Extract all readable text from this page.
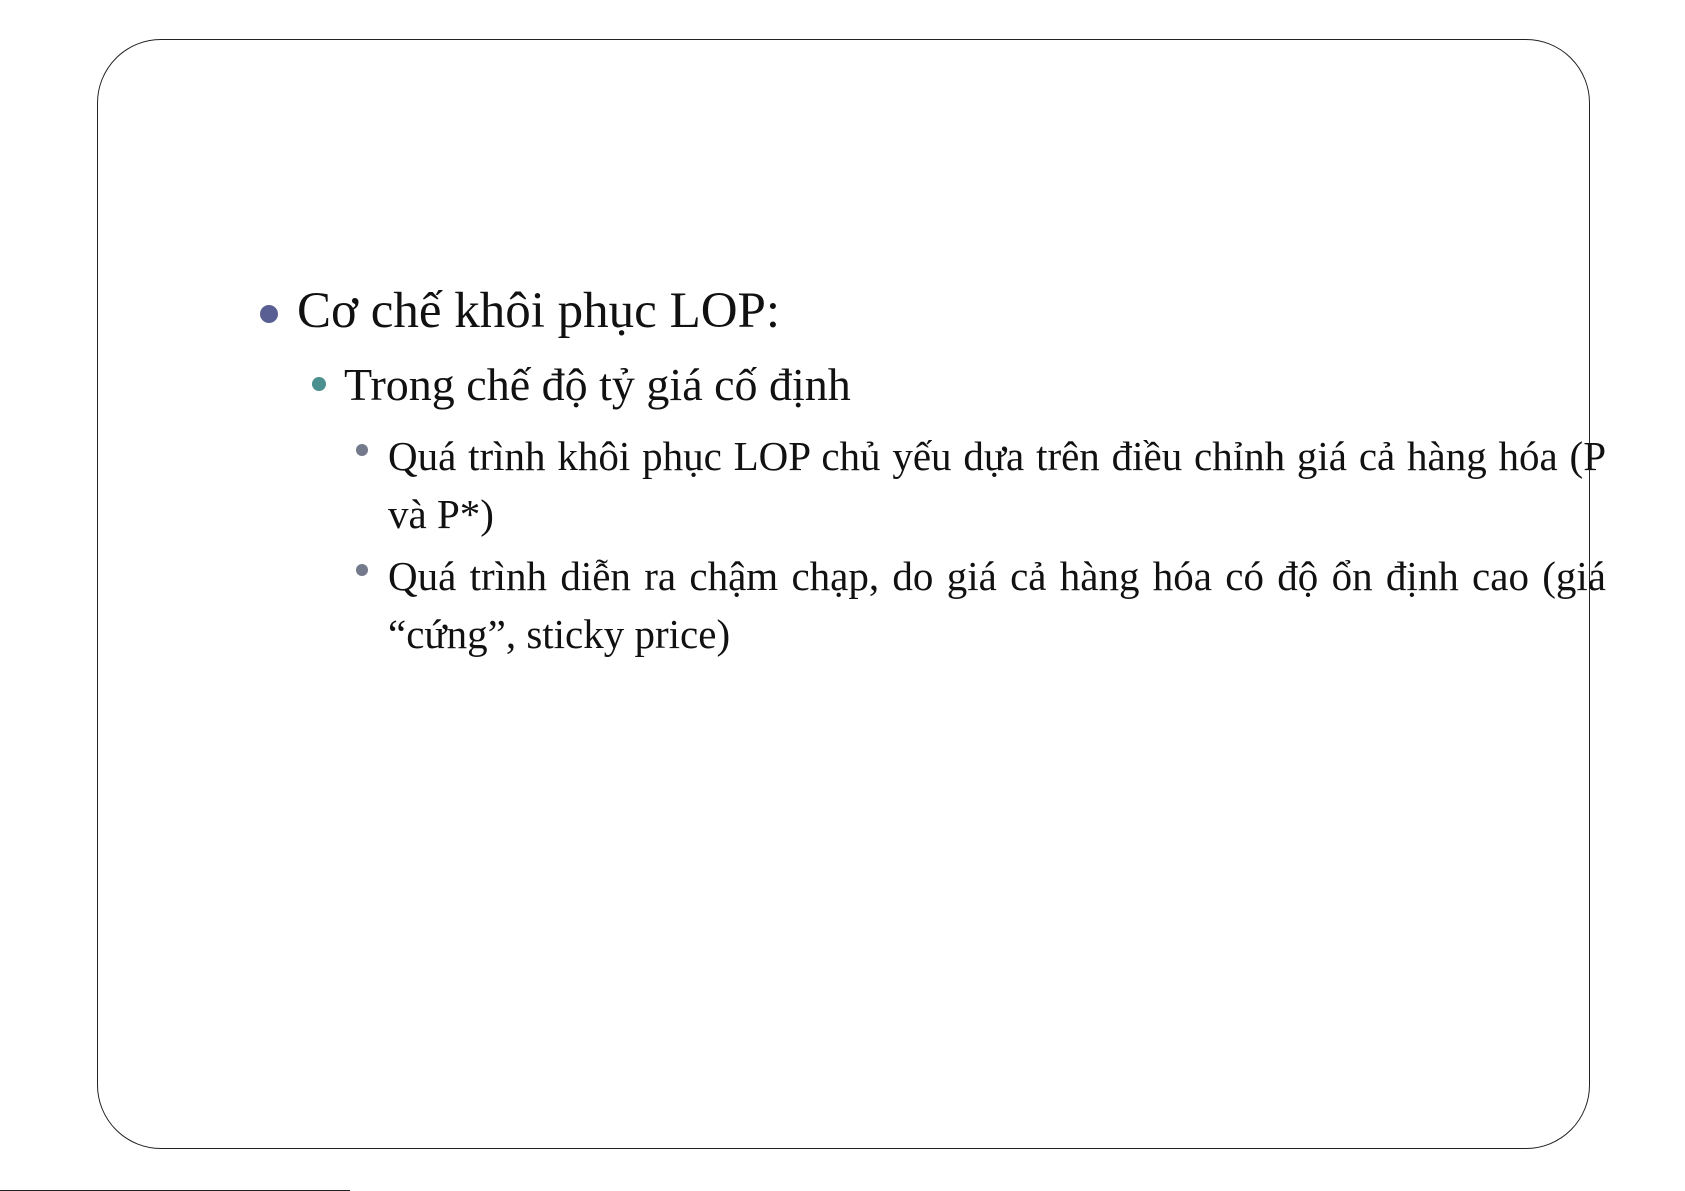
Cơ chế khôi phục LOP:
Trong chế độ tỷ giá cố định
Quá trình khôi phục LOP chủ yếu dựa trên điều chỉnh giá cả hàng hóa (P và P*)
Quá trình diễn ra chậm chạp, do giá cả hàng hóa có độ ổn định cao (giá “cứng”, sticky price)
